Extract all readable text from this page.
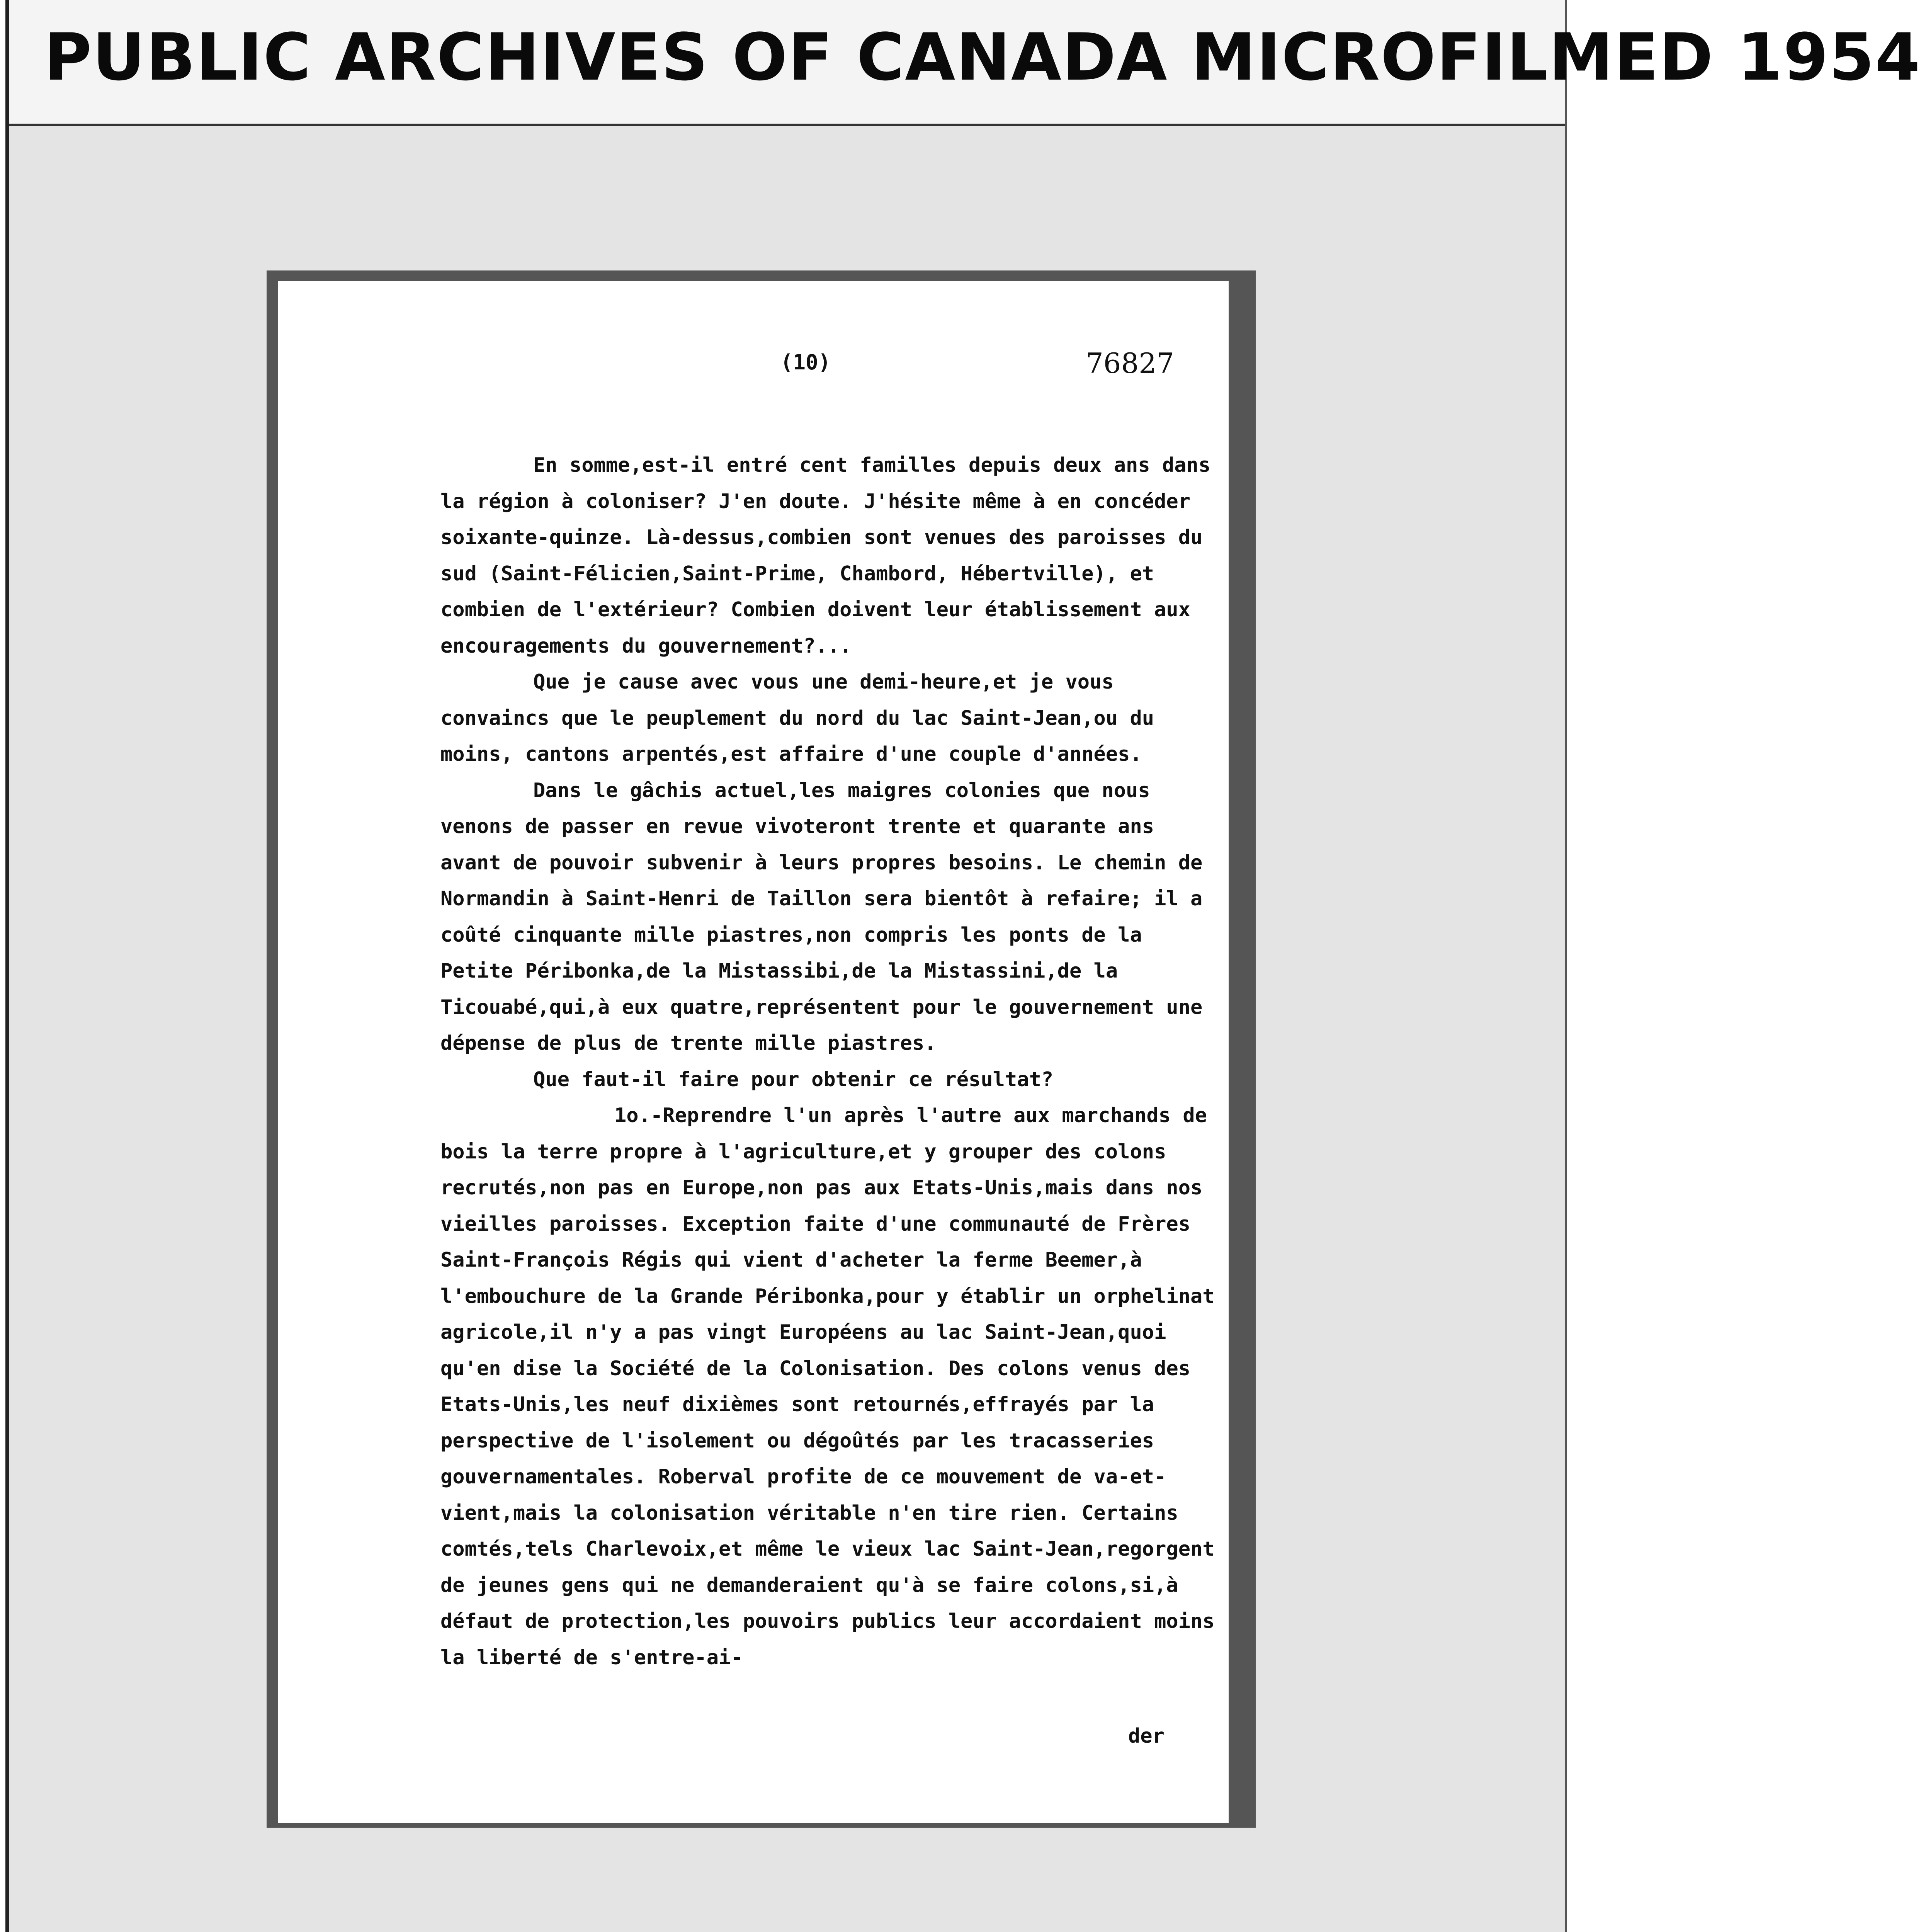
PUBLIC ARCHIVES OF CANADA MICROFILMED 1954
(10)	76827

En somme,est-il entré cent familles depuis deux ans dans la région à coloniser? J'en doute. J'hésite même à en concéder soixante-quinze. Là-dessus,combien sont venues des paroisses du sud (Saint-Félicien,Saint-Prime, Chambord, Hébertville), et combien de l'extérieur? Combien doivent leur établissement aux encouragements du gouvernement?...

Que je cause avec vous une demi-heure,et je vous convaincs que le peuplement du nord du lac Saint-Jean,ou du moins, cantons arpentés,est affaire d'une couple d'années.

Dans le gâchis actuel,les maigres colonies que nous venons de passer en revue vivoteront trente et quarante ans avant de pouvoir subvenir à leurs propres besoins. Le chemin de Normandin à Saint-Henri de Taillon sera bientôt à refaire; il a coûté cinquante mille piastres,non compris les ponts de la Petite Péribonka,de la Mistassibi,de la Mistassini,de la Ticouabé,qui,à eux quatre,représentent pour le gouvernement une dépense de plus de trente mille piastres.

Que faut-il faire pour obtenir ce résultat?

1o.-Reprendre l'un après l'autre aux marchands de bois la terre propre à l'agriculture,et y grouper des colons recrutés,non pas en Europe,non pas aux Etats-Unis,mais dans nos vieilles paroisses. Exception faite d'une communauté de Frères Saint-François Régis qui vient d'acheter la ferme Beemer,à l'embouchure de la Grande Péribonka,pour y établir un orphelinat agricole,il n'y a pas vingt Européens au lac Saint-Jean,quoi qu'en dise la Société de la Colonisation. Des colons venus des Etats-Unis,les neuf dixièmes sont retournés,effrayés par la perspective de l'isolement ou dégoûtés par les tracasseries gouvernamentales. Roberval profite de ce mouvement de va-et-vient,mais la colonisation véritable n'en tire rien. Certains comtés,tels Charlevoix,et même le vieux lac Saint-Jean,regorgent de jeunes gens qui ne demanderaient qu'à se faire colons,si,à défaut de protection,les pouvoirs publics leur accordaient moins la liberté de s'entre-ai-

der
